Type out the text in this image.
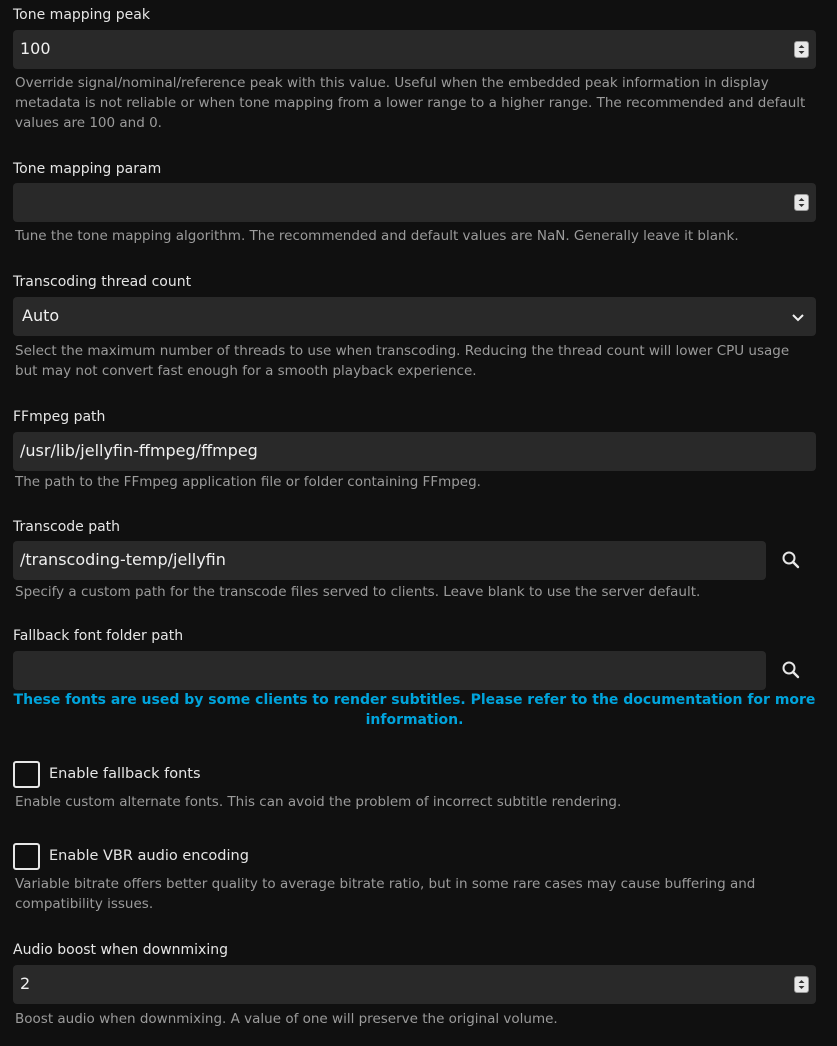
Tone mapping peak
100
Override signal/nominal/reference peak with this value. Useful when the embedded peak information in display metadata is not reliable or when tone mapping from a lower range to a higher range. The recommended and default values are 100 and 0.
Tone mapping param
Tune the tone mapping algorithm. The recommended and default values are NaN. Generally leave it blank.
Transcoding thread count
Auto
Select the maximum number of threads to use when transcoding. Reducing the thread count will lower CPU usage but may not convert fast enough for a smooth playback experience.
FFmpeg path
/usr/lib/jellyfin-ffmpeg/ffmpeg
The path to the FFmpeg application file or folder containing FFmpeg.
Transcode path
/transcoding-temp/jellyfin
Specify a custom path for the transcode files served to clients. Leave blank to use the server default.
Fallback font folder path
These fonts are used by some clients to render subtitles. Please refer to the documentation for more information.
Enable fallback fonts
Enable custom alternate fonts. This can avoid the problem of incorrect subtitle rendering.
Enable VBR audio encoding
Variable bitrate offers better quality to average bitrate ratio, but in some rare cases may cause buffering and compatibility issues.
Audio boost when downmixing
2
Boost audio when downmixing. A value of one will preserve the original volume.
